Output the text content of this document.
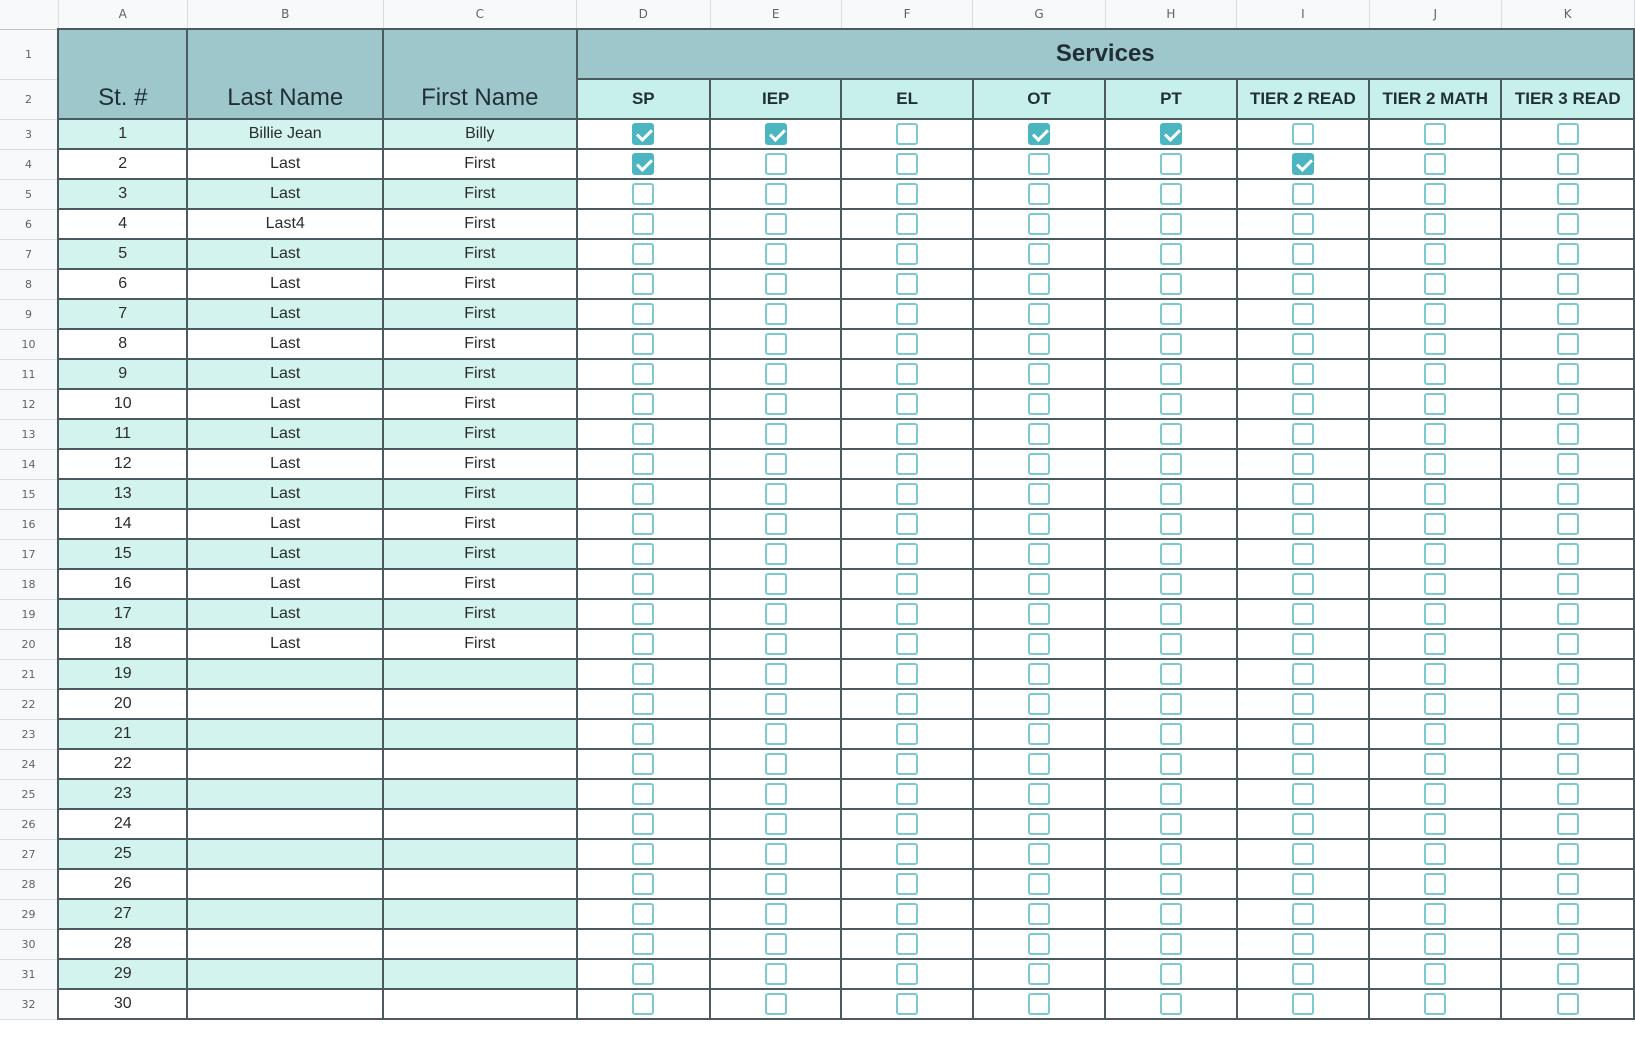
	A	B	C	D	E	F	G	H	I	J	K
1	St. #	Last Name	First Name	Services							
2				SP	IEP	EL	OT	PT	TIER 2 READ	TIER 2 MATH	TIER 3 READ
3	1	Billie Jean	Billy								
4	2	Last	First								
5	3	Last	First								
6	4	Last4	First								
7	5	Last	First								
8	6	Last	First								
9	7	Last	First								
10	8	Last	First								
11	9	Last	First								
12	10	Last	First								
13	11	Last	First								
14	12	Last	First								
15	13	Last	First								
16	14	Last	First								
17	15	Last	First								
18	16	Last	First								
19	17	Last	First								
20	18	Last	First								
21	19										
22	20										
23	21										
24	22										
25	23										
26	24										
27	25										
28	26										
29	27										
30	28										
31	29										
32	30										
